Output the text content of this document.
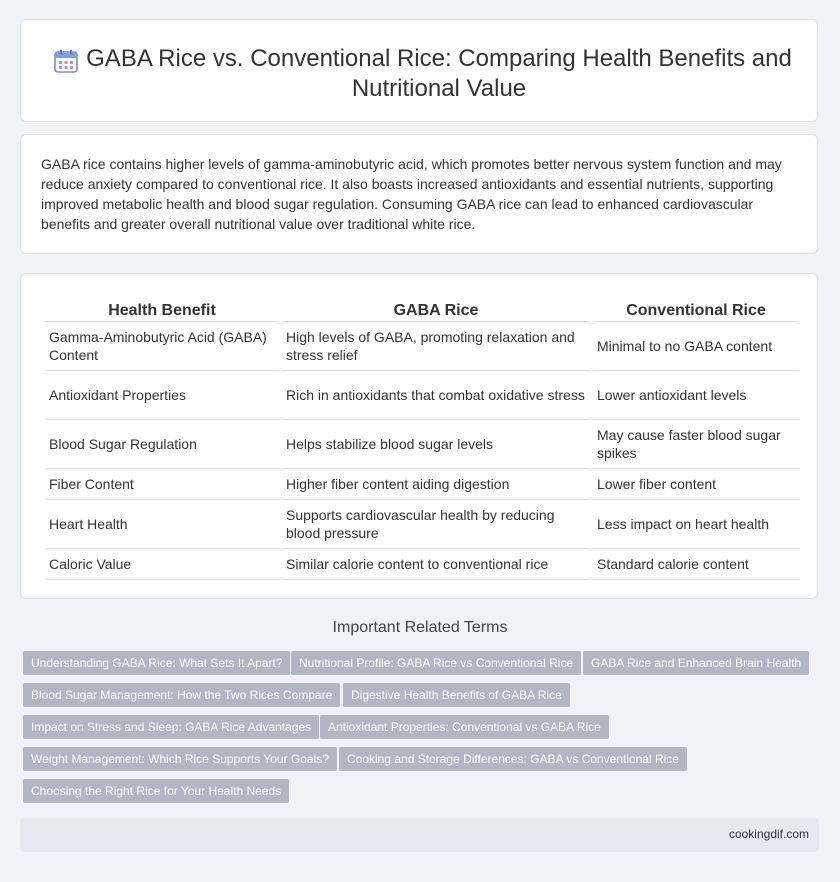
GABA Rice vs. Conventional Rice: Comparing Health Benefits and Nutritional Value

GABA rice contains higher levels of gamma-aminobutyric acid, which promotes better nervous system function and may reduce anxiety compared to conventional rice. It also boasts increased antioxidants and essential nutrients, supporting improved metabolic health and blood sugar regulation. Consuming GABA rice can lead to enhanced cardiovascular benefits and greater overall nutritional value over traditional white rice.

Health Benefit	GABA Rice	Conventional Rice
Gamma-Aminobutyric Acid (GABA) Content	High levels of GABA, promoting relaxation and stress relief	Minimal to no GABA content
Antioxidant Properties	Rich in antioxidants that combat oxidative stress	Lower antioxidant levels
Blood Sugar Regulation	Helps stabilize blood sugar levels	May cause faster blood sugar spikes
Fiber Content	Higher fiber content aiding digestion	Lower fiber content
Heart Health	Supports cardiovascular health by reducing blood pressure	Less impact on heart health
Caloric Value	Similar calorie content to conventional rice	Standard calorie content
Important Related Terms
Understanding GABA Rice: What Sets It Apart?	Nutritional Profile: GABA Rice vs Conventional Rice	GABA Rice and Enhanced Brain Health
Blood Sugar Management: How the Two Rices Compare	Digestive Health Benefits of GABA Rice
Impact on Stress and Sleep: GABA Rice Advantages	Antioxidant Properties: Conventional vs GABA Rice
Weight Management: Which Rice Supports Your Goals?	Cooking and Storage Differences: GABA vs Conventional Rice
Choosing the Right Rice for Your Health Needs
cookingdif.com
